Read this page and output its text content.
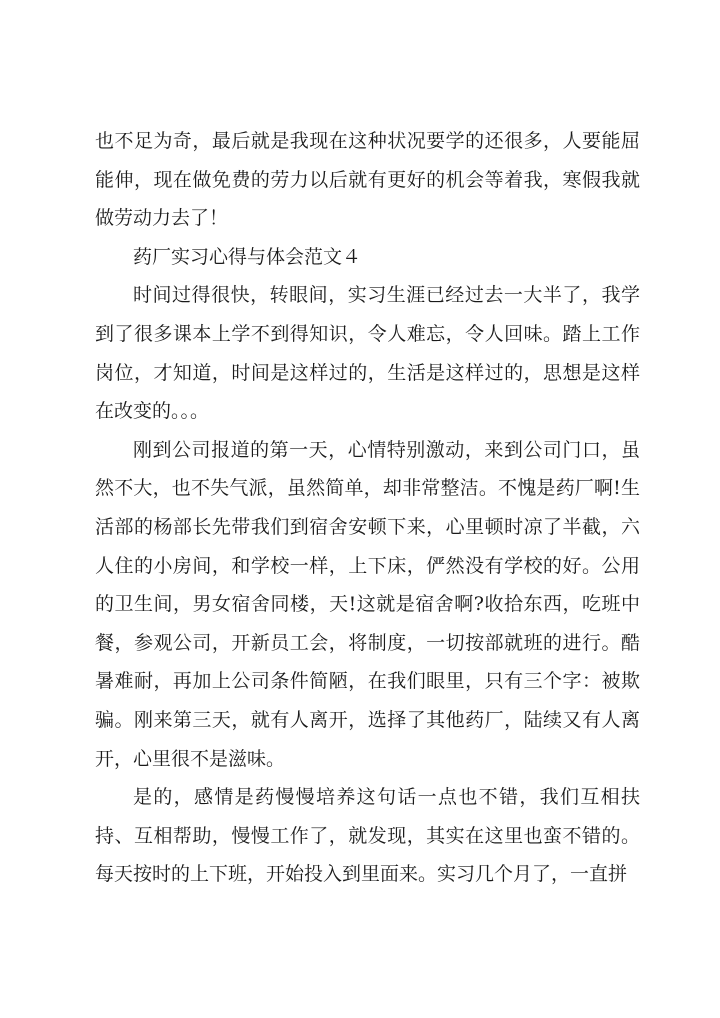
也不足为奇，最后就是我现在这种状况要学的还很多，人要能屈能伸，现在做免费的劳力以后就有更好的机会等着我，寒假我就做劳动力去了！

药厂实习心得与体会范文４

时间过得很快，转眼间，实习生涯已经过去一大半了，我学到了很多课本上学不到得知识，令人难忘，令人回味。踏上工作岗位，才知道，时间是这样过的，生活是这样过的，思想是这样在改变的。。。

刚到公司报道的第一天，心情特别激动，来到公司门口，虽然不大，也不失气派，虽然简单，却非常整洁。不愧是药厂啊!生活部的杨部长先带我们到宿舍安顿下来，心里顿时凉了半截，六人住的小房间，和学校一样，上下床，俨然没有学校的好。公用的卫生间，男女宿舍同楼，天!这就是宿舍啊?收拾东西，吃班中餐，参观公司，开新员工会，将制度，一切按部就班的进行。酷暑难耐，再加上公司条件简陋，在我们眼里，只有三个字：被欺骗。刚来第三天，就有人离开，选择了其他药厂，陆续又有人离开，心里很不是滋味。

是的，感情是药慢慢培养这句话一点也不错，我们互相扶持、互相帮助，慢慢工作了，就发现，其实在这里也蛮不错的。每天按时的上下班，开始投入到里面来。实习几个月了，一直拼
